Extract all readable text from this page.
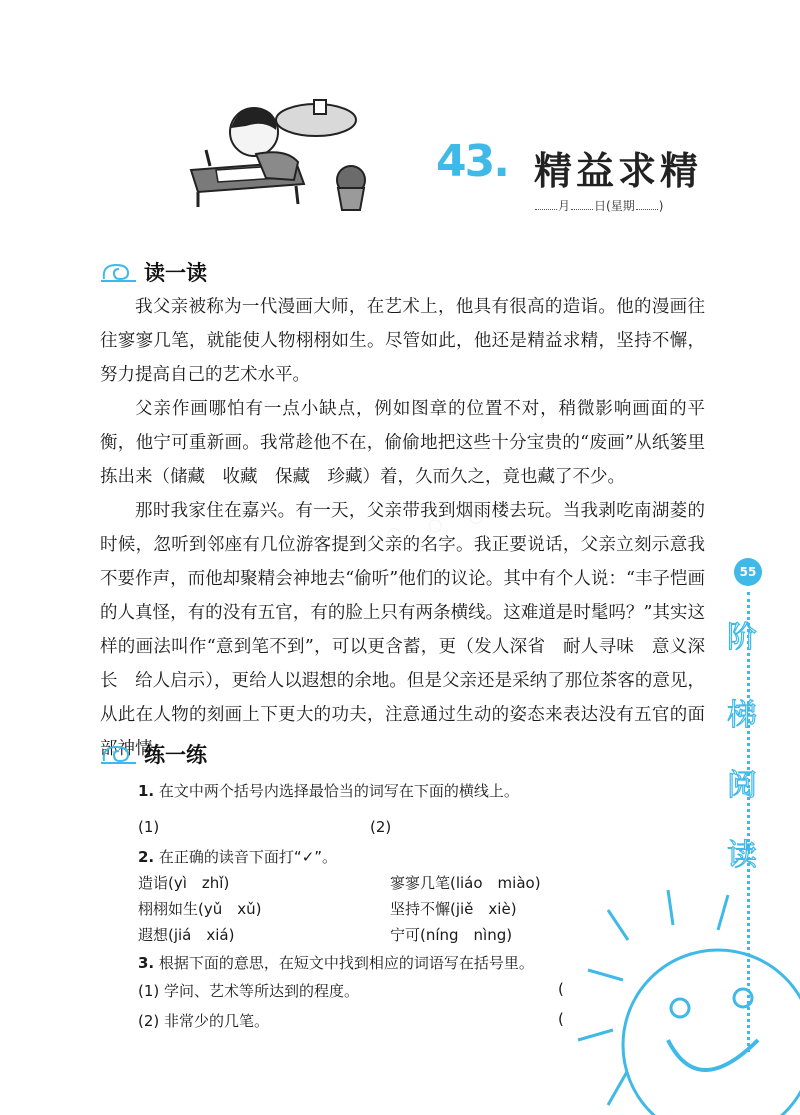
43. 精益求精
月 日(星期 )
读一读

我父亲被称为一代漫画大师，在艺术上，他具有很高的造诣。他的漫画往往寥寥几笔，就能使人物栩栩如生。尽管如此，他还是精益求精，坚持不懈，努力提高自己的艺术水平。

父亲作画哪怕有一点小缺点，例如图章的位置不对，稍微影响画面的平衡，他宁可重新画。我常趁他不在，偷偷地把这些十分宝贵的“废画”从纸篓里拣出来（储藏　收藏　保藏　珍藏）着，久而久之，竟也藏了不少。

那时我家住在嘉兴。有一天，父亲带我到烟雨楼去玩。当我剥吃南湖菱的时候，忽听到邻座有几位游客提到父亲的名字。我正要说话，父亲立刻示意我不要作声，而他却聚精会神地去“偷听”他们的议论。其中有个人说：“丰子恺画的人真怪，有的没有五官，有的脸上只有两条横线。这难道是时髦吗？”其实这样的画法叫作“意到笔不到”，可以更含蓄，更（发人深省　耐人寻味　意义深长　给人启示），更给人以遐想的余地。但是父亲还是采纳了那位茶客的意见，从此在人物的刻画上下更大的功夫，注意通过生动的姿态来表达没有五官的面部神情。

练一练
1. 在文中两个括号内选择最恰当的词写在下面的横线上。
(1)	(2)
2. 在正确的读音下面打“✓”。
造诣(yì　zhǐ)	寥寥几笔(liáo　miào)
栩栩如生(yǔ　xǔ)	坚持不懈(jiě　xiè)
遐想(jiá　xiá)	宁可(níng　nìng)
3. 根据下面的意思，在短文中找到相应的词语写在括号里。
(1) 学问、艺术等所达到的程度。	(
(2) 非常少的几笔。	(
55
阶
梯
阅
读
